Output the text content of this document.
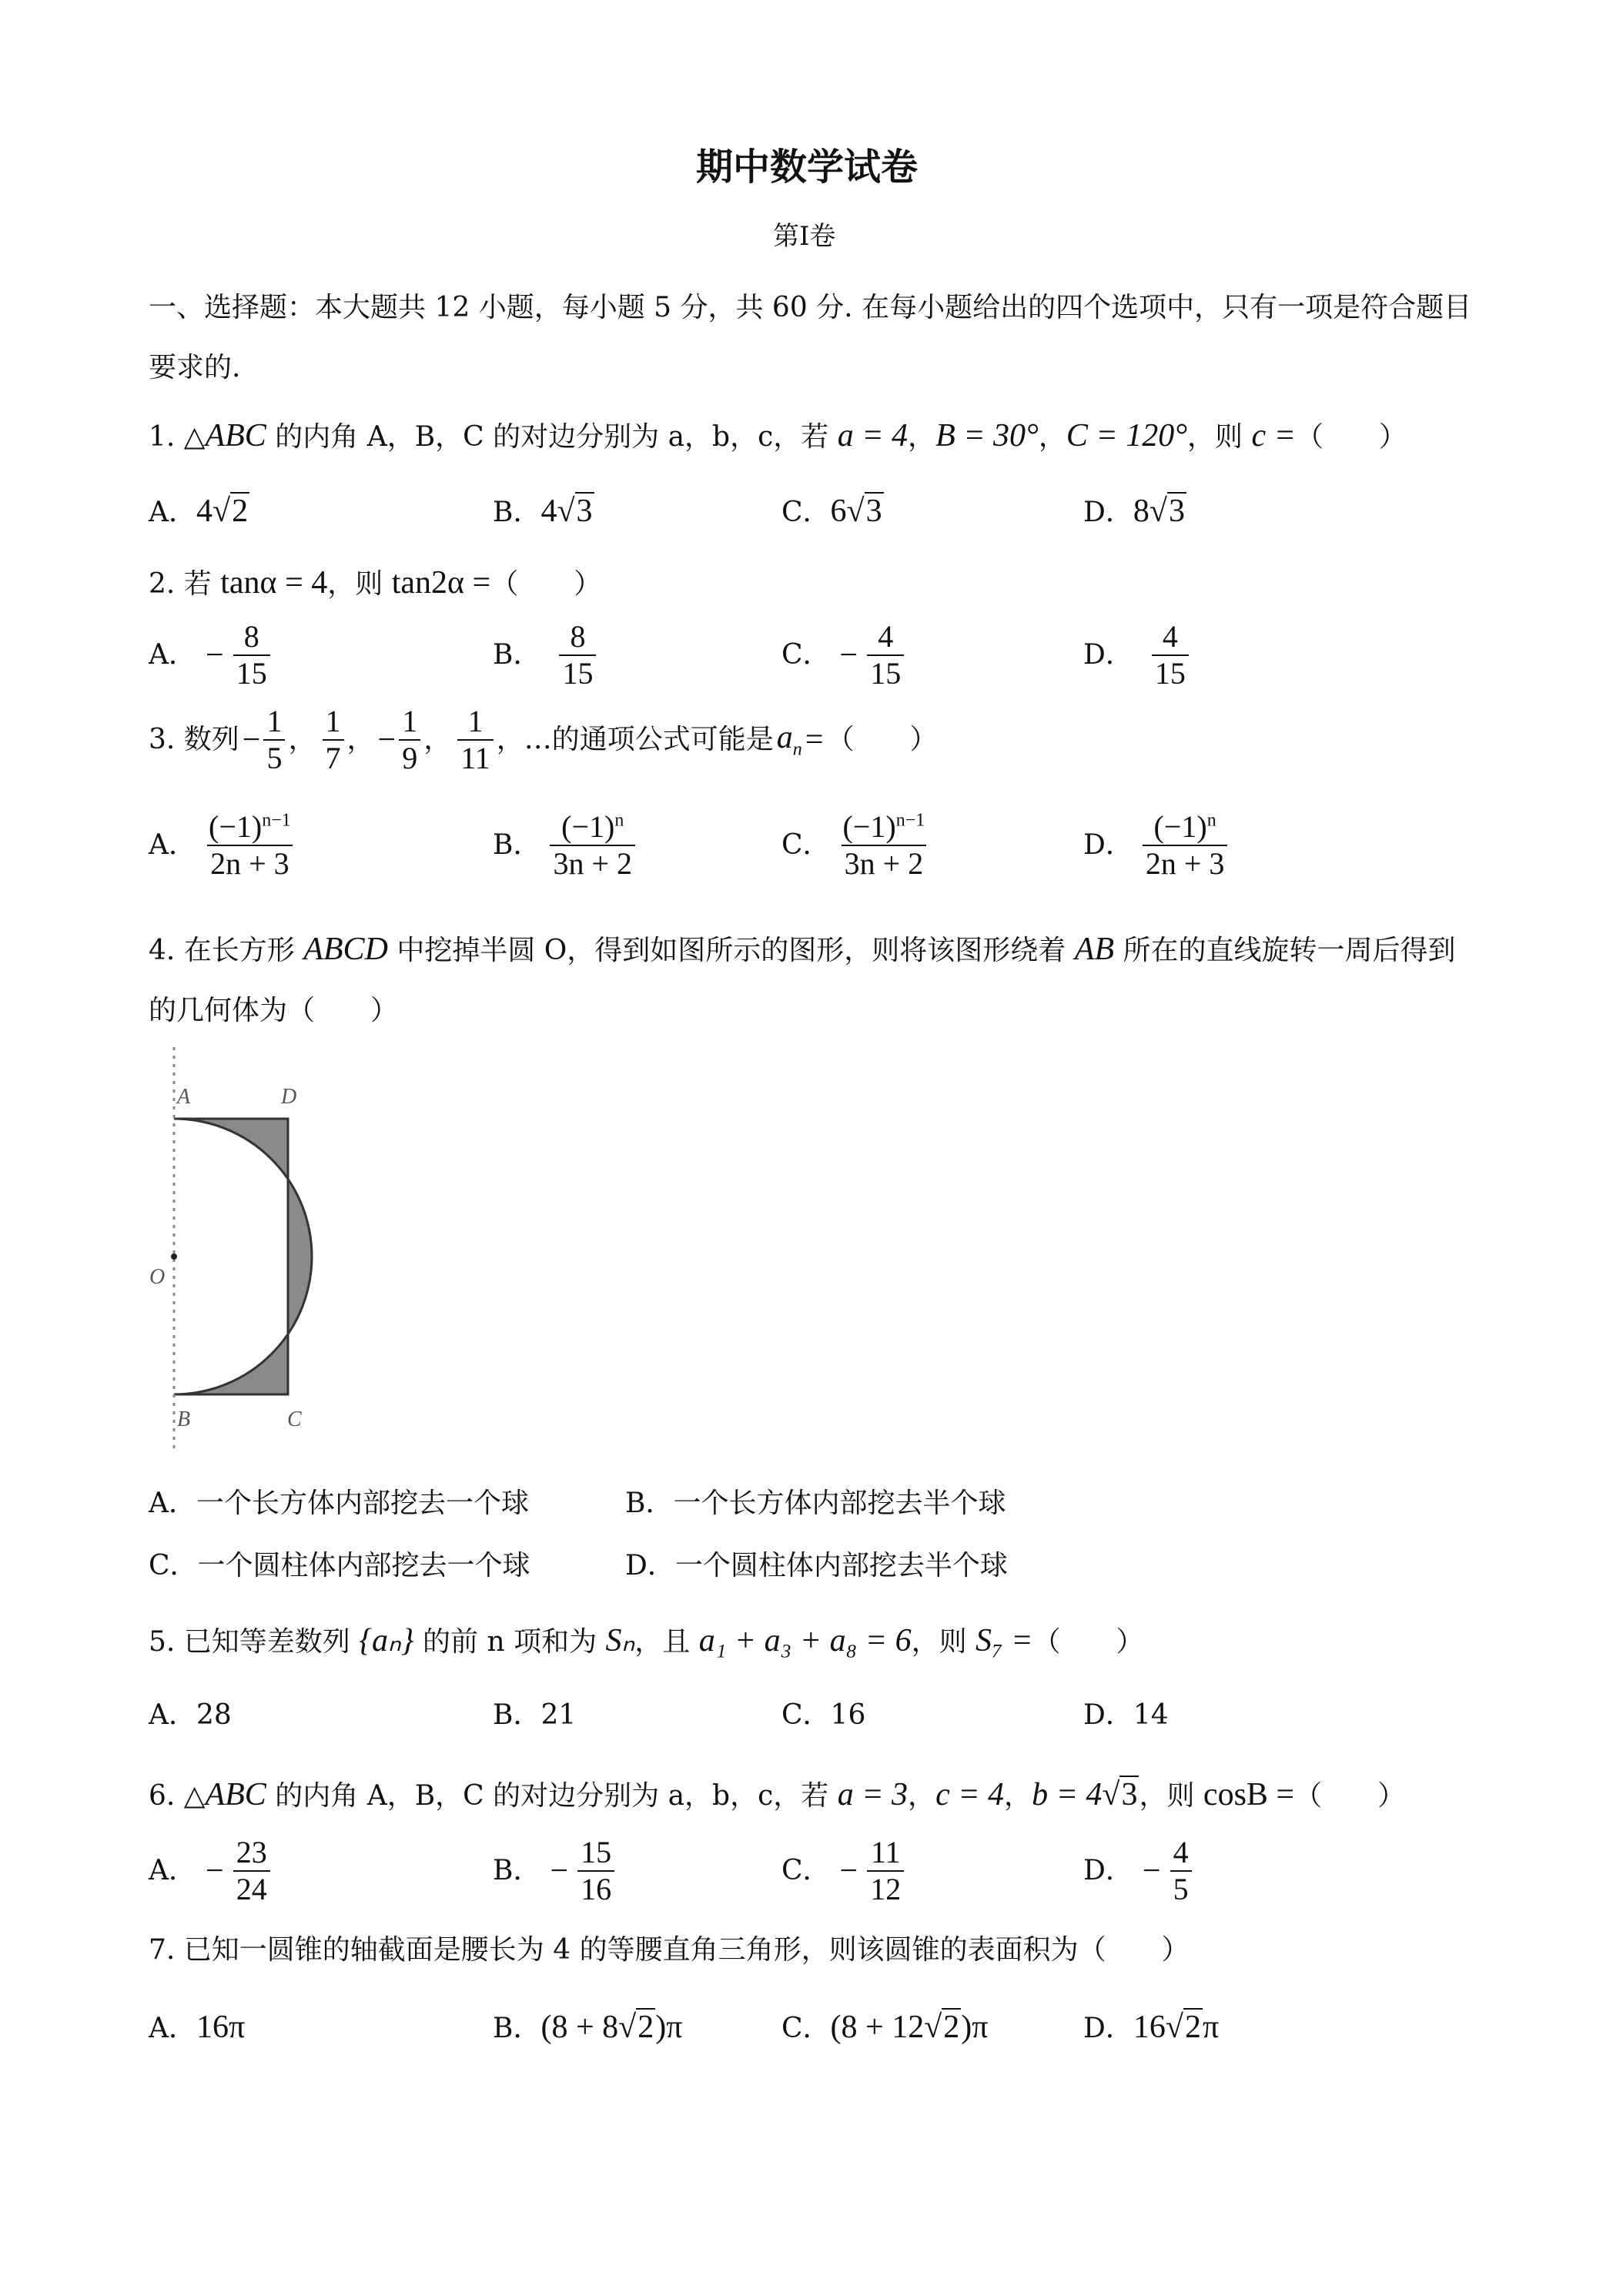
期中数学试卷
第I卷
一、选择题：本大题共 12 小题，每小题 5 分，共 60 分. 在每小题给出的四个选项中，只有一项是符合题目
要求的.
1. △ABC 的内角 A，B，C 的对边分别为 a，b，c，若 a = 4，B = 30°，C = 120°，则 c =（　　）
A．4√2	B．4√3	C．6√3	D．8√3
2. 若 tanα = 4，则 tan2α =（　　）
A． − $\frac{8}{15}$	B． $\frac{8}{15}$	C． − $\frac{4}{15}$	D． $\frac{4}{15}$
3. 数列 − $\frac{1}{5}$ ， $\frac{1}{7}$ ， − $\frac{1}{9}$ ， $\frac{1}{11}$ ，…的通项公式可能是 $a_n$ = （　　）
A． $\frac{(-1)^{n-1}}{2n + 3}$	B． $\frac{(-1)^n}{3n + 2}$	C． $\frac{(-1)^{n-1}}{3n + 2}$	D． $\frac{(-1)^n}{2n + 3}$
4. 在长方形 ABCD 中挖掉半圆 O，得到如图所示的图形，则将该图形绕着 AB 所在的直线旋转一周后得到
的几何体为（　　）
A	D
O
B	C
A．一个长方体内部挖去一个球	B．一个长方体内部挖去半个球
C．一个圆柱体内部挖去一个球	D．一个圆柱体内部挖去半个球
5. 已知等差数列 {aₙ} 的前 n 项和为 Sₙ，且 a₁ + a₃ + a₈ = 6，则 S₇ =（　　）
A．28	B．21	C．16	D．14
6. △ABC 的内角 A，B，C 的对边分别为 a，b，c，若 a = 3，c = 4，b = 4√3，则 cosB =（　　）
A． − $\frac{23}{24}$	B． − $\frac{15}{16}$	C． − $\frac{11}{12}$	D． − $\frac{4}{5}$
7. 已知一圆锥的轴截面是腰长为 4 的等腰直角三角形，则该圆锥的表面积为（　　）
A．16π	B．(8 + 8√2)π	C．(8 + 12√2)π	D．16√2π
